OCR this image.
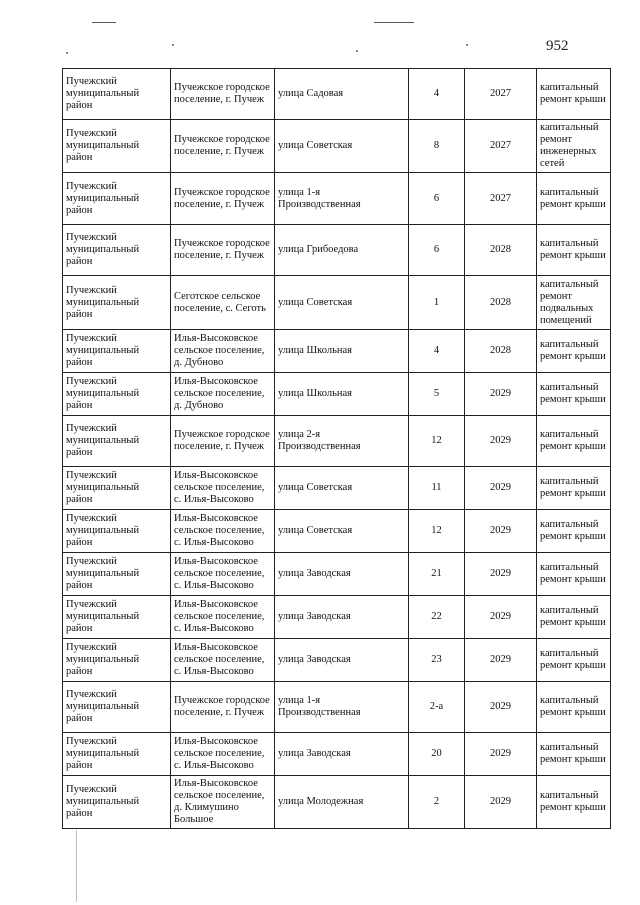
952
Пучежский муниципальный район	Пучежское городское поселение, г. Пучеж	улица Садовая	4	2027	капитальный ремонт крыши
Пучежский муниципальный район	Пучежское городское поселение, г. Пучеж	улица Советская	8	2027	капитальный ремонт инженерных сетей
Пучежский муниципальный район	Пучежское городское поселение, г. Пучеж	улица 1-я Производственная	6	2027	капитальный ремонт крыши
Пучежский муниципальный район	Пучежское городское поселение, г. Пучеж	улица Грибоедова	6	2028	капитальный ремонт крыши
Пучежский муниципальный район	Сеготское сельское поселение, с. Сеготь	улица Советская	1	2028	капитальный ремонт подвальных помещений
Пучежский муниципальный район	Илья-Высоковское сельское поселение, д. Дубново	улица Школьная	4	2028	капитальный ремонт крыши
Пучежский муниципальный район	Илья-Высоковское сельское поселение, д. Дубново	улица Школьная	5	2029	капитальный ремонт крыши
Пучежский муниципальный район	Пучежское городское поселение, г. Пучеж	улица 2-я Производственная	12	2029	капитальный ремонт крыши
Пучежский муниципальный район	Илья-Высоковское сельское поселение, с. Илья-Высоково	улица Советская	11	2029	капитальный ремонт крыши
Пучежский муниципальный район	Илья-Высоковское сельское поселение, с. Илья-Высоково	улица Советская	12	2029	капитальный ремонт крыши
Пучежский муниципальный район	Илья-Высоковское сельское поселение, с. Илья-Высоково	улица Заводская	21	2029	капитальный ремонт крыши
Пучежский муниципальный район	Илья-Высоковское сельское поселение, с. Илья-Высоково	улица Заводская	22	2029	капитальный ремонт крыши
Пучежский муниципальный район	Илья-Высоковское сельское поселение, с. Илья-Высоково	улица Заводская	23	2029	капитальный ремонт крыши
Пучежский муниципальный район	Пучежское городское поселение, г. Пучеж	улица 1-я Производственная	2-а	2029	капитальный ремонт крыши
Пучежский муниципальный район	Илья-Высоковское сельское поселение, с. Илья-Высоково	улица Заводская	20	2029	капитальный ремонт крыши
Пучежский муниципальный район	Илья-Высоковское сельское поселение, д. Климушино Большое	улица Молодежная	2	2029	капитальный ремонт крыши
